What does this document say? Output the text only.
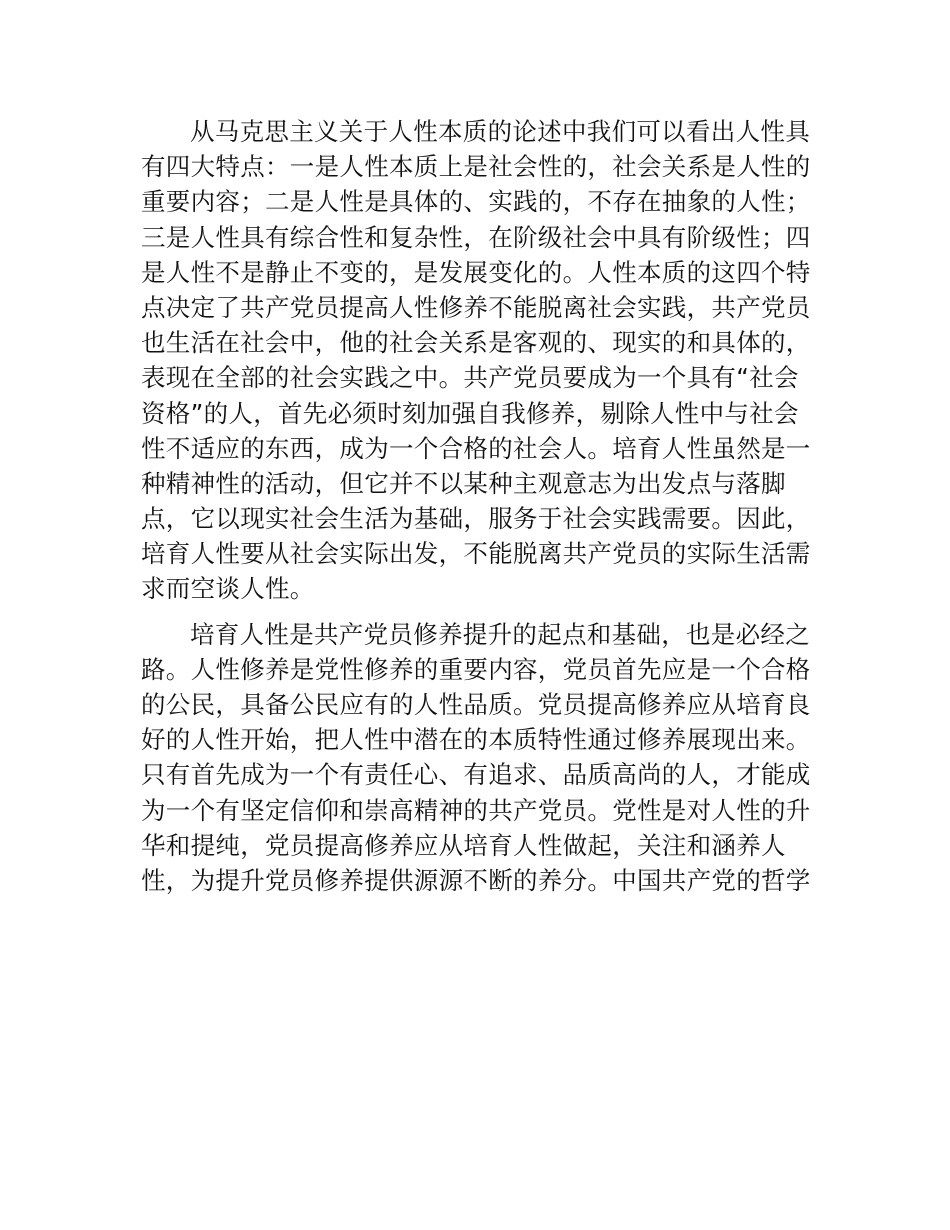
从马克思主义关于人性本质的论述中我们可以看出人性具
有四大特点：一是人性本质上是社会性的，社会关系是人性的
重要内容；二是人性是具体的、实践的，不存在抽象的人性；
三是人性具有综合性和复杂性，在阶级社会中具有阶级性；四
是人性不是静止不变的，是发展变化的。人性本质的这四个特
点决定了共产党员提高人性修养不能脱离社会实践，共产党员
也生活在社会中，他的社会关系是客观的、现实的和具体的，
表现在全部的社会实践之中。共产党员要成为一个具有“社会
资格”的人，首先必须时刻加强自我修养，剔除人性中与社会
性不适应的东西，成为一个合格的社会人。培育人性虽然是一
种精神性的活动，但它并不以某种主观意志为出发点与落脚
点，它以现实社会生活为基础，服务于社会实践需要。因此，
培育人性要从社会实际出发，不能脱离共产党员的实际生活需
求而空谈人性。

培育人性是共产党员修养提升的起点和基础，也是必经之
路。人性修养是党性修养的重要内容，党员首先应是一个合格
的公民，具备公民应有的人性品质。党员提高修养应从培育良
好的人性开始，把人性中潜在的本质特性通过修养展现出来。
只有首先成为一个有责任心、有追求、品质高尚的人，才能成
为一个有坚定信仰和崇高精神的共产党员。党性是对人性的升
华和提纯，党员提高修养应从培育人性做起，关注和涵养人
性，为提升党员修养提供源源不断的养分。中国共产党的哲学
